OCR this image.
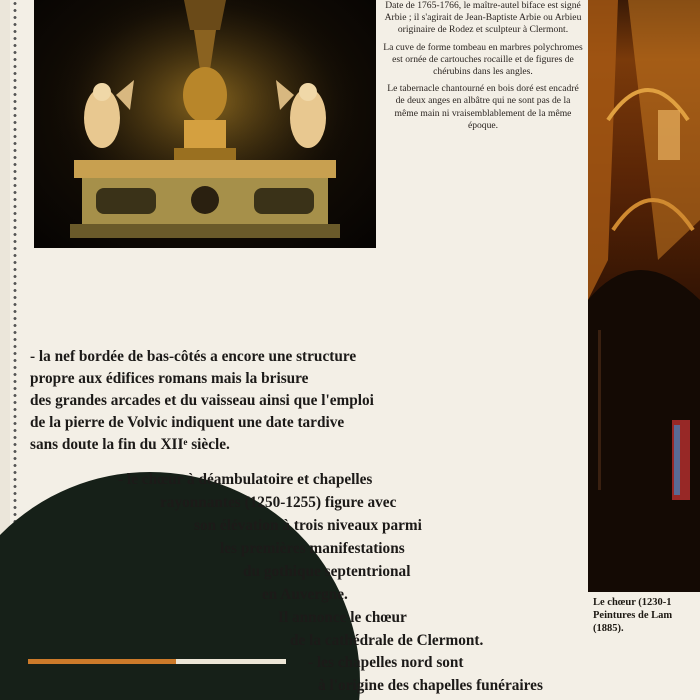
Date de 1765-1766, le maître-autel biface est signé Arbie ; il s'agirait de Jean-Baptiste Arbie ou Arbieu originaire de Rodez et sculpteur à Clermont.

La cuve de forme tombeau en marbres polychromes est ornée de cartouches rocaille et de figures de chérubins dans les angles.

Le tabernacle chantourné en bois doré est encadré de deux anges en albâtre qui ne sont pas de la même main ni vraisemblablement de la même époque.

Le chœur (1230-1
Peintures de Lam
(1885).
- la nef bordée de bas-côtés a encore une structure
propre aux édifices romans mais la brisure
des grandes arcades et du vaisseau ainsi que l'emploi
de la pierre de Volvic indiquent une date tardive
sans doute la fin du XIIᵉ siècle.
- le chœur à déambulatoire et chapelles
rayonnantes (1250-1255) figure avec
son élévation à trois niveaux parmi
les premières manifestations
du gothique septentrional
en Auvergne.
Il annonce le chœur
de la cathédrale de Clermont.
- les chapelles nord sont
à l'origine des chapelles funéraires
